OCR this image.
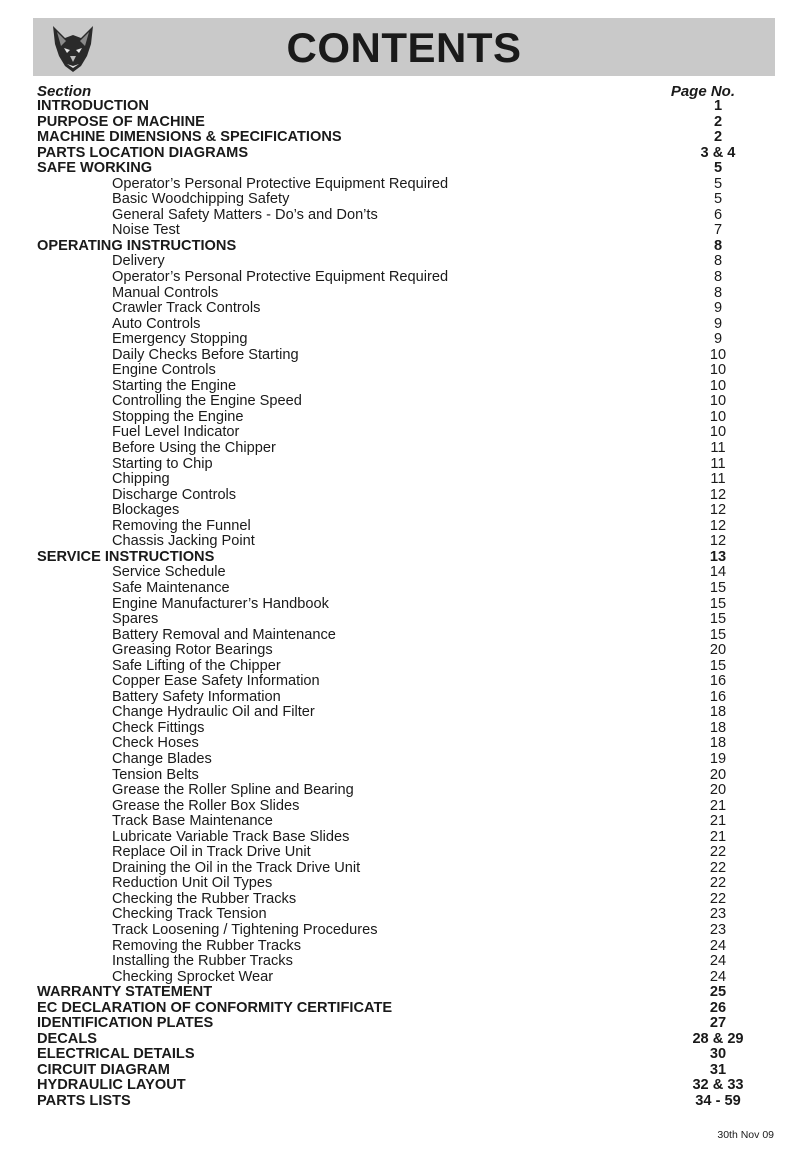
CONTENTS
Section	Page No.
INTRODUCTION	1
PURPOSE OF MACHINE	2
MACHINE DIMENSIONS & SPECIFICATIONS	2
PARTS LOCATION DIAGRAMS	3 & 4
SAFE WORKING	5
Operator’s Personal Protective Equipment Required	5
Basic Woodchipping Safety	5
General Safety Matters - Do’s and Don’ts	6
Noise Test	7
OPERATING INSTRUCTIONS	8
Delivery	8
Operator’s Personal Protective Equipment Required	8
Manual Controls	8
Crawler Track Controls	9
Auto Controls	9
Emergency Stopping	9
Daily Checks Before Starting	10
Engine Controls	10
Starting the Engine	10
Controlling the Engine Speed	10
Stopping the Engine	10
Fuel Level Indicator	10
Before Using the Chipper	11
Starting to Chip	11
Chipping	11
Discharge Controls	12
Blockages	12
Removing the Funnel	12
Chassis Jacking Point	12
SERVICE INSTRUCTIONS	13
Service Schedule	14
Safe Maintenance	15
Engine Manufacturer’s Handbook	15
Spares	15
Battery Removal and Maintenance	15
Greasing Rotor Bearings	20
Safe Lifting of the Chipper	15
Copper Ease Safety Information	16
Battery Safety Information	16
Change Hydraulic Oil and Filter	18
Check Fittings	18
Check Hoses	18
Change Blades	19
Tension Belts	20
Grease the Roller Spline and Bearing	20
Grease the Roller Box Slides	21
Track Base Maintenance	21
Lubricate Variable Track Base Slides	21
Replace Oil in Track Drive Unit	22
Draining the Oil in the Track Drive Unit	22
Reduction Unit Oil Types	22
Checking the Rubber Tracks	22
Checking Track Tension	23
Track Loosening / Tightening Procedures	23
Removing the Rubber Tracks	24
Installing the Rubber Tracks	24
Checking Sprocket Wear	24
WARRANTY STATEMENT	25
EC DECLARATION OF CONFORMITY CERTIFICATE	26
IDENTIFICATION PLATES	27
DECALS	28 & 29
ELECTRICAL DETAILS	30
CIRCUIT DIAGRAM	31
HYDRAULIC LAYOUT	32 & 33
PARTS LISTS	34 - 59
30th Nov 09
